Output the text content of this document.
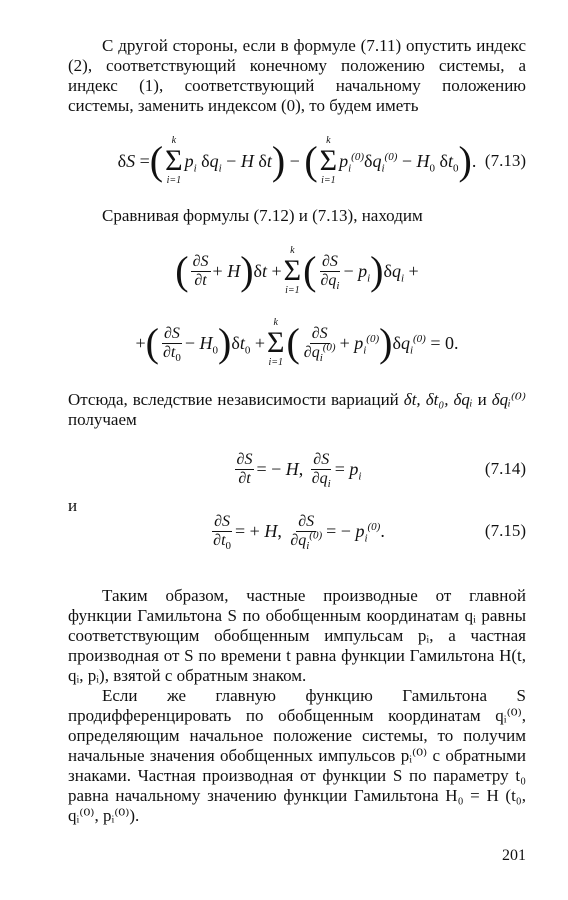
С другой стороны, если в формуле (7.11) опустить индекс (2), соответствующий конечному положению системы, а индекс (1), соответствующий начальному положению системы, заменить индексом (0), то будем иметь

δS = ( k
Σ
i=1
$p_i$ $\delta q_i - H$ δt ) − ( k
Σ
i=1
$p_i^{(0)}\delta q_i^{(0)} - H_0$ $\delta t_0$ ) . (7.13)

Сравнивая формулы (7.12) и (7.13), находим

( $\frac{\partial S}{\partial t} + H$ ) δt +
k
Σ
i=1 ( $\frac{\partial S}{\partial q_i} - p_i$ ) $\delta q_i$ +
+ ( $\frac{\partial S}{\partial t_0} - H_0$ ) $\delta t_0$ +
k
Σ
i=1 ( $\frac{\partial S}{\partial q_i^{(0)}} + p_i^{(0)}$ ) $\delta q_i^{(0)} = 0$.

Отсюда, вследствие независимости вариаций δt, δt₀, δqᵢ и δqᵢ⁽⁰⁾ получаем

$\frac{\partial S}{\partial t}$ = − H, $\frac{\partial S}{\partial q_i} = p_i$	(7.14)
и
$\frac{\partial S}{\partial t_0}$ = + H, $\frac{\partial S}{\partial q_i^{(0)}}$ = − $p_i^{(0)}$.	(7.15)

Таким образом, частные производные от главной функции Гамильтона S по обобщенным координатам qᵢ равны соответствующим обобщенным импульсам pᵢ, а частная производная от S по времени t равна функции Гамильтона H(t, qᵢ, pᵢ), взятой с обратным знаком.

Если же главную функцию Гамильтона S продифференцировать по обобщенным координатам qᵢ⁽⁰⁾, определяющим начальное положение системы, то получим начальные значения обобщенных импульсов pᵢ⁽⁰⁾ с обратными знаками. Частная производная от функции S по параметру t₀ равна начальному значению функции Гамильтона H₀ = H (t₀, qᵢ⁽⁰⁾, pᵢ⁽⁰⁾).

201
